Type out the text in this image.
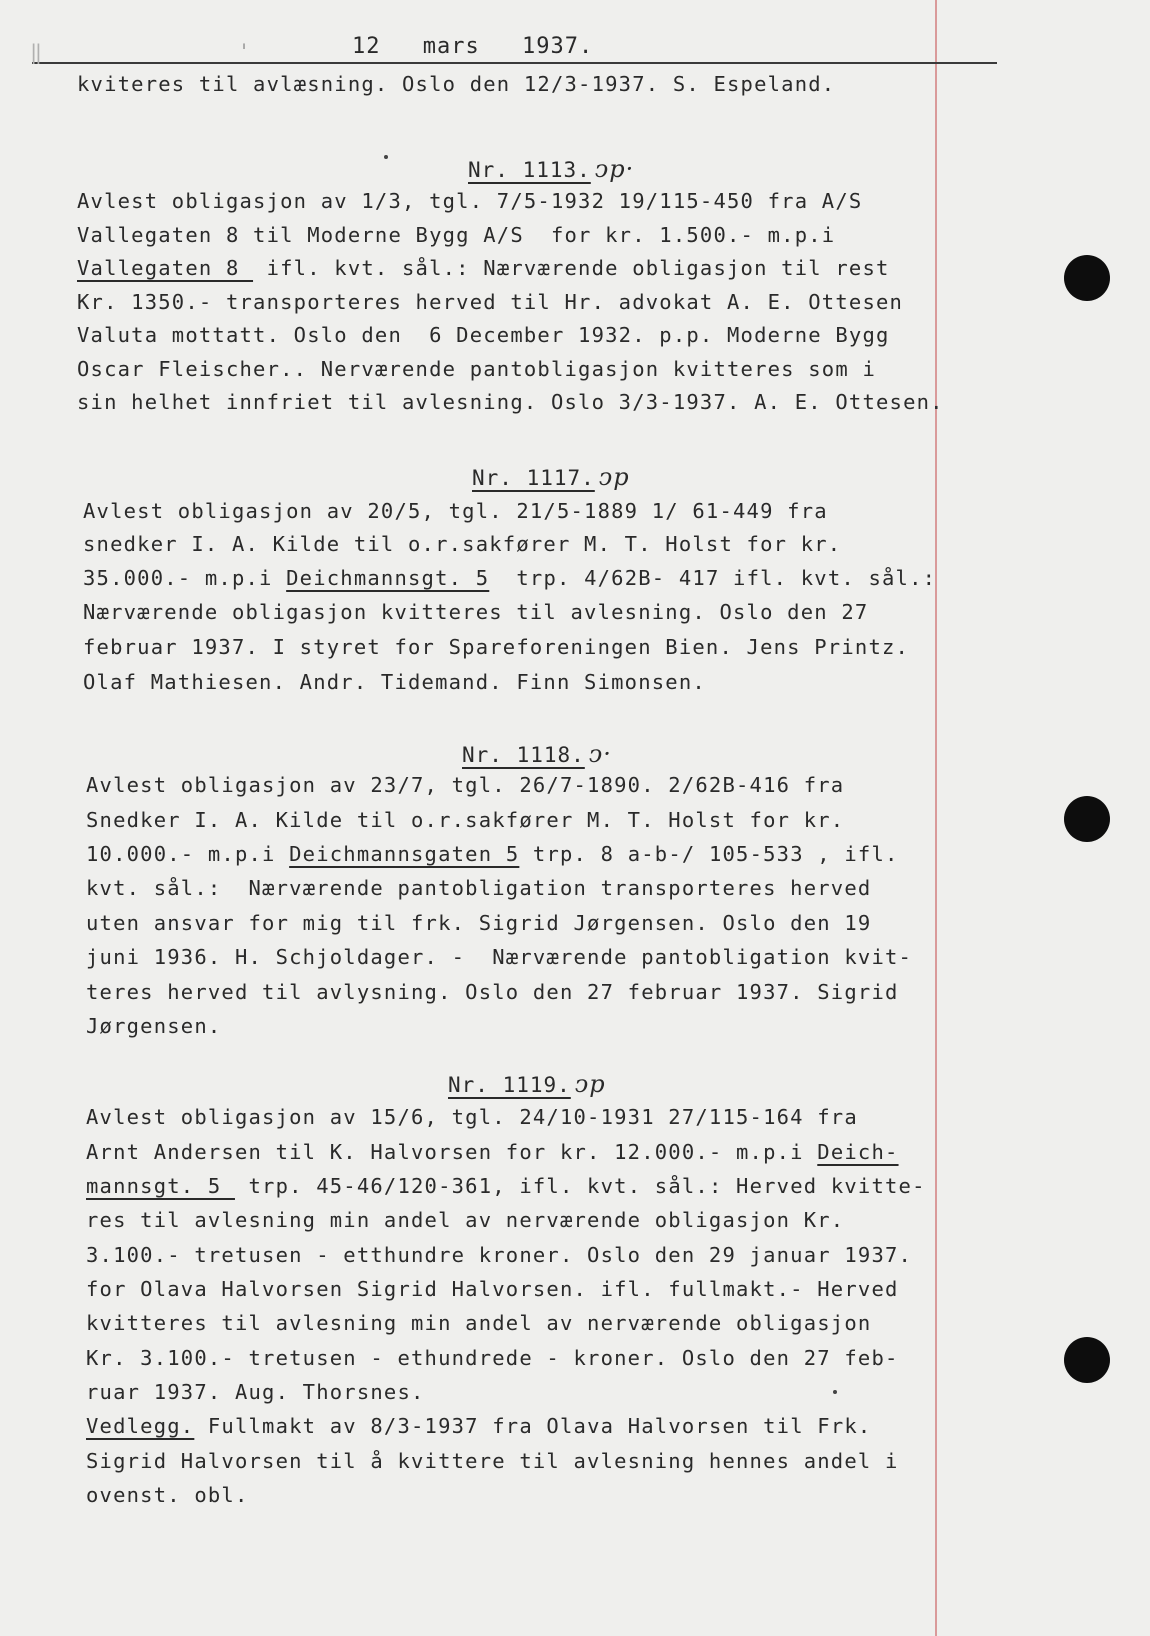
‖	ˈ	12 mars 1937.
kviteres til avlæsning. Oslo den 12/3-1937. S. Espeland.
Nr. 1113. ↄp·
Avlest obligasjon av 1/3, tgl. 7/5-1932 19/115-450 fra A/S
Vallegaten 8 til Moderne Bygg A/S  for kr. 1.500.- m.p.i
Vallegaten 8  ifl. kvt. sål.: Nærværende obligasjon til rest
Kr. 1350.- transporteres herved til Hr. advokat A. E. Ottesen
Valuta mottatt. Oslo den  6 December 1932. p.p. Moderne Bygg
Oscar Fleischer.. Nerværende pantobligasjon kvitteres som i
sin helhet innfriet til avlesning. Oslo 3/3-1937. A. E. Ottesen.
Nr. 1117. ↄp
Avlest obligasjon av 20/5, tgl. 21/5-1889 1/ 61-449 fra
snedker I. A. Kilde til o.r.sakfører M. T. Holst for kr.
35.000.- m.p.i Deichmannsgt. 5  trp. 4/62B- 417 ifl. kvt. sål.:
Nærværende obligasjon kvitteres til avlesning. Oslo den 27
februar 1937. I styret for Spareforeningen Bien. Jens Printz.
Olaf Mathiesen. Andr. Tidemand. Finn Simonsen.
Nr. 1118. ↄ·
Avlest obligasjon av 23/7, tgl. 26/7-1890. 2/62B-416 fra
Snedker I. A. Kilde til o.r.sakfører M. T. Holst for kr.
10.000.- m.p.i Deichmannsgaten 5 trp. 8 a-b-/ 105-533 , ifl.
kvt. sål.:  Nærværende pantobligation transporteres herved
uten ansvar for mig til frk. Sigrid Jørgensen. Oslo den 19
juni 1936. H. Schjoldager. -  Nærværende pantobligation kvit-
teres herved til avlysning. Oslo den 27 februar 1937. Sigrid
Jørgensen.
Nr. 1119. ↄp
Avlest obligasjon av 15/6, tgl. 24/10-1931 27/115-164 fra
Arnt Andersen til K. Halvorsen for kr. 12.000.- m.p.i Deich-
mannsgt. 5  trp. 45-46/120-361, ifl. kvt. sål.: Herved kvitte-
res til avlesning min andel av nerværende obligasjon Kr.
3.100.- tretusen - etthundre kroner. Oslo den 29 januar 1937.
for Olava Halvorsen Sigrid Halvorsen. ifl. fullmakt.- Herved
kvitteres til avlesning min andel av nerværende obligasjon
Kr. 3.100.- tretusen - ethundrede - kroner. Oslo den 27 feb-
ruar 1937. Aug. Thorsnes.
Vedlegg. Fullmakt av 8/3-1937 fra Olava Halvorsen til Frk.
Sigrid Halvorsen til å kvittere til avlesning hennes andel i
ovenst. obl.
